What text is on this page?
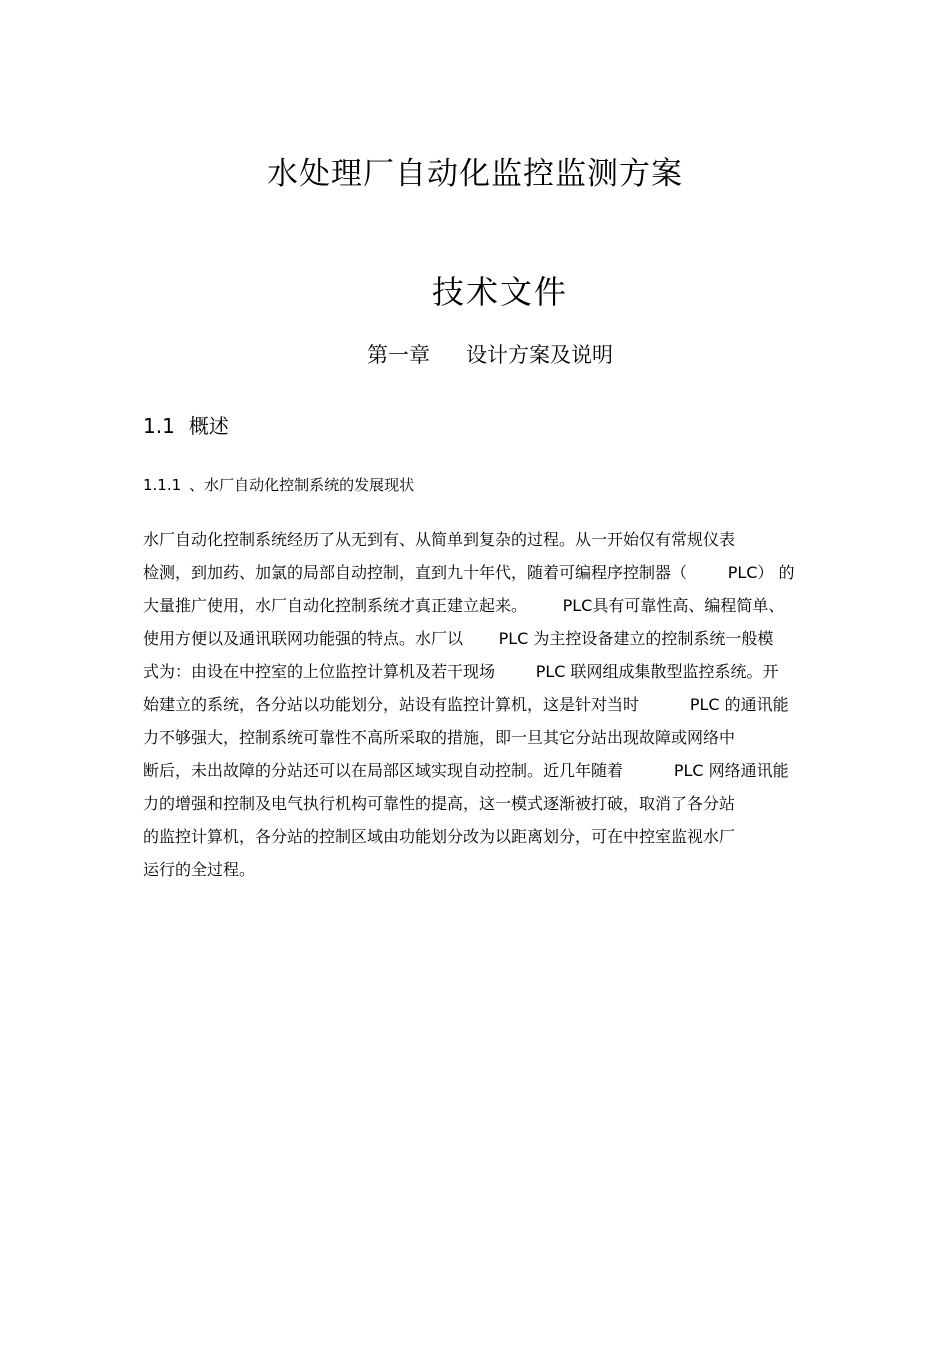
水处理厂自动化监控监测方案
技术文件
第一章 设计方案及说明
1.1 概述
1.1.1 、水厂自动化控制系统的发展现状
水厂自动化控制系统经历了从无到有、从简单到复杂的过程。从一开始仅有常规仪表
检测，到加药、加氯的局部自动控制，直到九十年代，随着可编程序控制器（        PLC） 的
大量推广使用，水厂自动化控制系统才真正建立起来。       PLC具有可靠性高、编程简单、
使用方便以及通讯联网功能强的特点。水厂以       PLC 为主控设备建立的控制系统一般模
式为：由设在中控室的上位监控计算机及若干现场        PLC 联网组成集散型监控系统。开
始建立的系统，各分站以功能划分，站设有监控计算机，这是针对当时          PLC 的通讯能
力不够强大，控制系统可靠性不高所采取的措施，即一旦其它分站出现故障或网络中
断后，未出故障的分站还可以在局部区域实现自动控制。近几年随着          PLC 网络通讯能
力的增强和控制及电气执行机构可靠性的提高，这一模式逐渐被打破，取消了各分站
的监控计算机，各分站的控制区域由功能划分改为以距离划分，可在中控室监视水厂
运行的全过程。
